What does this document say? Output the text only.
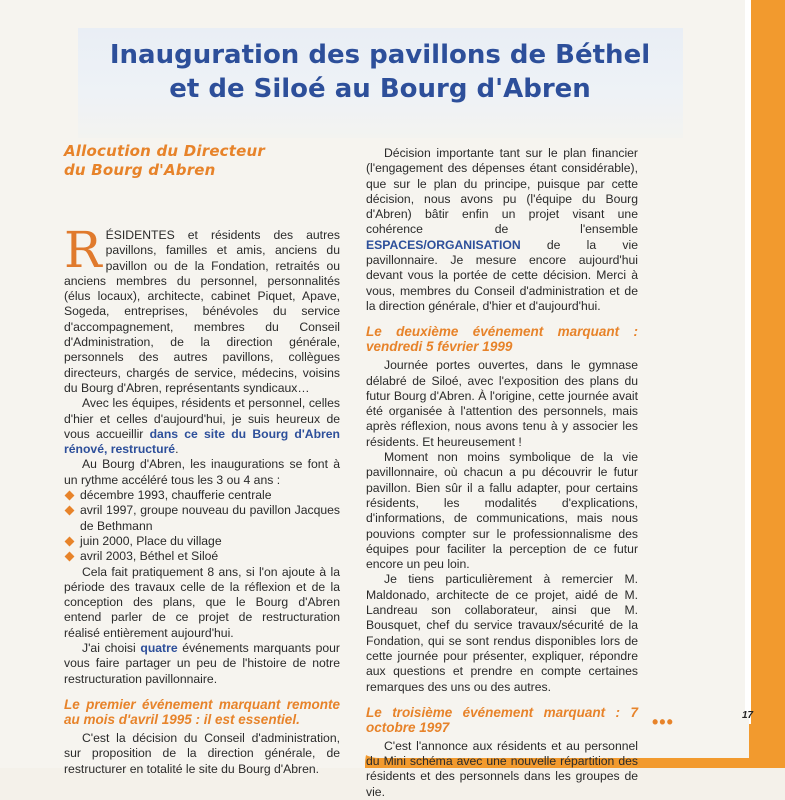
Inauguration des pavillons de Béthel
et de Siloé au Bourg d'Abren
Allocution du Directeur
du Bourg d'Abren

RÉSIDENTES et résidents des autres pavillons, familles et amis, anciens du pavillon ou de la Fondation, retraités ou anciens membres du personnel, personnalités (élus locaux), architecte, cabinet Piquet, Apave, Sogeda, entreprises, bénévoles du service d'accompagnement, membres du Conseil d'Administration, de la direction générale, personnels des autres pavillons, collègues directeurs, chargés de service, médecins, voisins du Bourg d'Abren, représentants syndicaux…

Avec les équipes, résidents et personnel, celles d'hier et celles d'aujourd'hui, je suis heureux de vous accueillir dans ce site du Bourg d'Abren rénové, restructuré.

Au Bourg d'Abren, les inaugurations se font à un rythme accéléré tous les 3 ou 4 ans :

décembre 1993, chaufferie centrale

avril 1997, groupe nouveau du pavillon Jacques de Bethmann

juin 2000, Place du village

avril 2003, Béthel et Siloé

Cela fait pratiquement 8 ans, si l'on ajoute à la période des travaux celle de la réflexion et de la conception des plans, que le Bourg d'Abren entend parler de ce projet de restructuration réalisé entièrement aujourd'hui.

J'ai choisi quatre événements marquants pour vous faire partager un peu de l'histoire de notre restructuration pavillonnaire.

Le premier événement marquant remonte au mois d'avril 1995 : il est essentiel.

C'est la décision du Conseil d'administration, sur proposition de la direction générale, de restructurer en totalité le site du Bourg d'Abren.

Décision importante tant sur le plan financier (l'engagement des dépenses étant considérable), que sur le plan du principe, puisque par cette décision, nous avons pu (l'équipe du Bourg d'Abren) bâtir enfin un projet visant une cohérence de l'ensemble ESPACES/ORGANISATION de la vie pavillonnaire. Je mesure encore aujourd'hui devant vous la portée de cette décision. Merci à vous, membres du Conseil d'administration et de la direction générale, d'hier et d'aujourd'hui.

Le deuxième événement marquant : vendredi 5 février 1999

Journée portes ouvertes, dans le gymnase délabré de Siloé, avec l'exposition des plans du futur Bourg d'Abren. À l'origine, cette journée avait été organisée à l'attention des personnels, mais après réflexion, nous avons tenu à y associer les résidents. Et heureusement !

Moment non moins symbolique de la vie pavillonnaire, où chacun a pu découvrir le futur pavillon. Bien sûr il a fallu adapter, pour certains résidents, les modalités d'explications, d'informations, de communications, mais nous pouvions compter sur le professionnalisme des équipes pour faciliter la perception de ce futur encore un peu loin.

Je tiens particulièrement à remercier M. Maldonado, architecte de ce projet, aidé de M. Landreau son collaborateur, ainsi que M. Bousquet, chef du service travaux/sécurité de la Fondation, qui se sont rendus disponibles lors de cette journée pour présenter, expliquer, répondre aux questions et prendre en compte certaines remarques des uns ou des autres.

Le troisième événement marquant : 7 octobre 1997

C'est l'annonce aux résidents et au personnel du Mini schéma avec une nouvelle répartition des résidents et des personnels dans les groupes de vie.

•••	17
